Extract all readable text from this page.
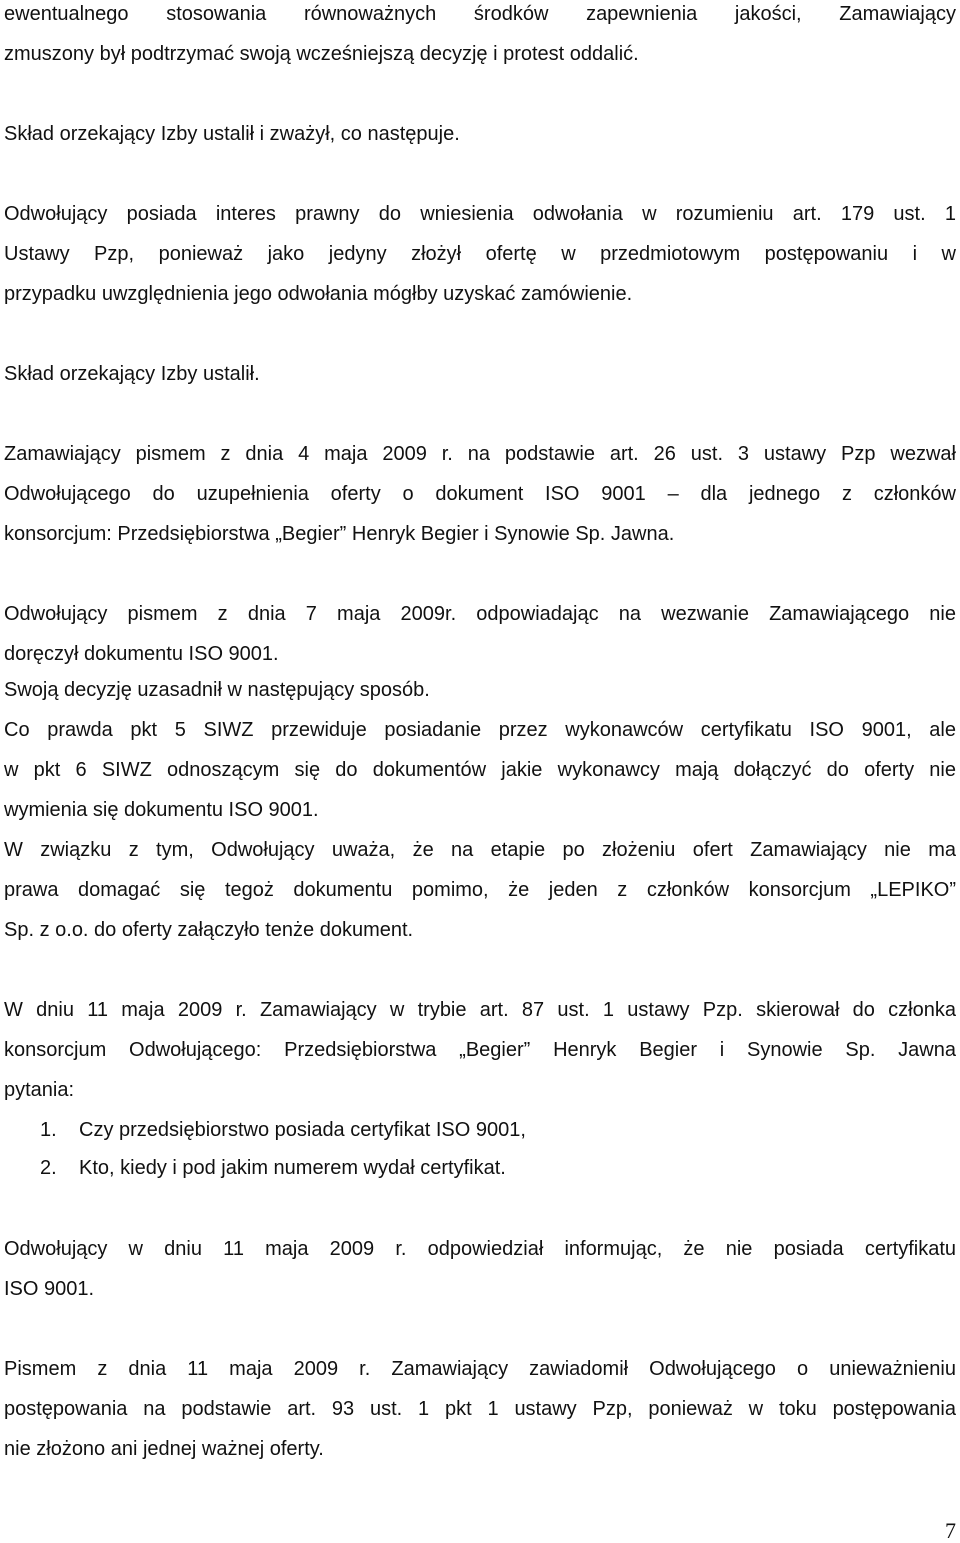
ewentualnego stosowania równoważnych środków zapewnienia jakości, Zamawiający
zmuszony był podtrzymać swoją wcześniejszą decyzję i protest oddalić.
Skład orzekający Izby ustalił i zważył, co następuje.
Odwołujący posiada interes prawny do wniesienia odwołania w rozumieniu art. 179 ust. 1
Ustawy Pzp, ponieważ jako jedyny złożył ofertę w przedmiotowym postępowaniu i w
przypadku uwzględnienia jego odwołania mógłby uzyskać zamówienie.
Skład orzekający Izby ustalił.
Zamawiający pismem z dnia 4 maja 2009 r. na podstawie art. 26 ust. 3 ustawy Pzp wezwał
Odwołującego do uzupełnienia oferty o dokument ISO 9001 – dla jednego z członków
konsorcjum: Przedsiębiorstwa „Begier” Henryk Begier i Synowie Sp. Jawna.
Odwołujący pismem z dnia 7 maja 2009r. odpowiadając na wezwanie Zamawiającego nie
doręczył dokumentu ISO 9001.
Swoją decyzję uzasadnił w następujący sposób.
Co prawda pkt 5 SIWZ przewiduje posiadanie przez wykonawców certyfikatu ISO 9001, ale
w pkt 6 SIWZ odnoszącym się do dokumentów jakie wykonawcy mają dołączyć do oferty nie
wymienia się dokumentu ISO 9001.
W związku z tym, Odwołujący uważa, że na etapie po złożeniu ofert Zamawiający nie ma
prawa domagać się tegoż dokumentu pomimo, że jeden z członków konsorcjum „LEPIKO”
Sp. z o.o. do oferty załączyło tenże dokument.
W dniu 11 maja 2009 r. Zamawiający w trybie art. 87 ust. 1 ustawy Pzp. skierował do członka
konsorcjum Odwołującego: Przedsiębiorstwa „Begier” Henryk Begier i Synowie Sp. Jawna
pytania:
1. Czy przedsiębiorstwo posiada certyfikat ISO 9001,
2. Kto, kiedy i pod jakim numerem wydał certyfikat.
Odwołujący w dniu 11 maja 2009 r. odpowiedział informując, że nie posiada certyfikatu
ISO 9001.
Pismem z dnia 11 maja 2009 r. Zamawiający zawiadomił Odwołującego o unieważnieniu
postępowania na podstawie art. 93 ust. 1 pkt 1 ustawy Pzp, ponieważ w toku postępowania
nie złożono ani jednej ważnej oferty.
7
